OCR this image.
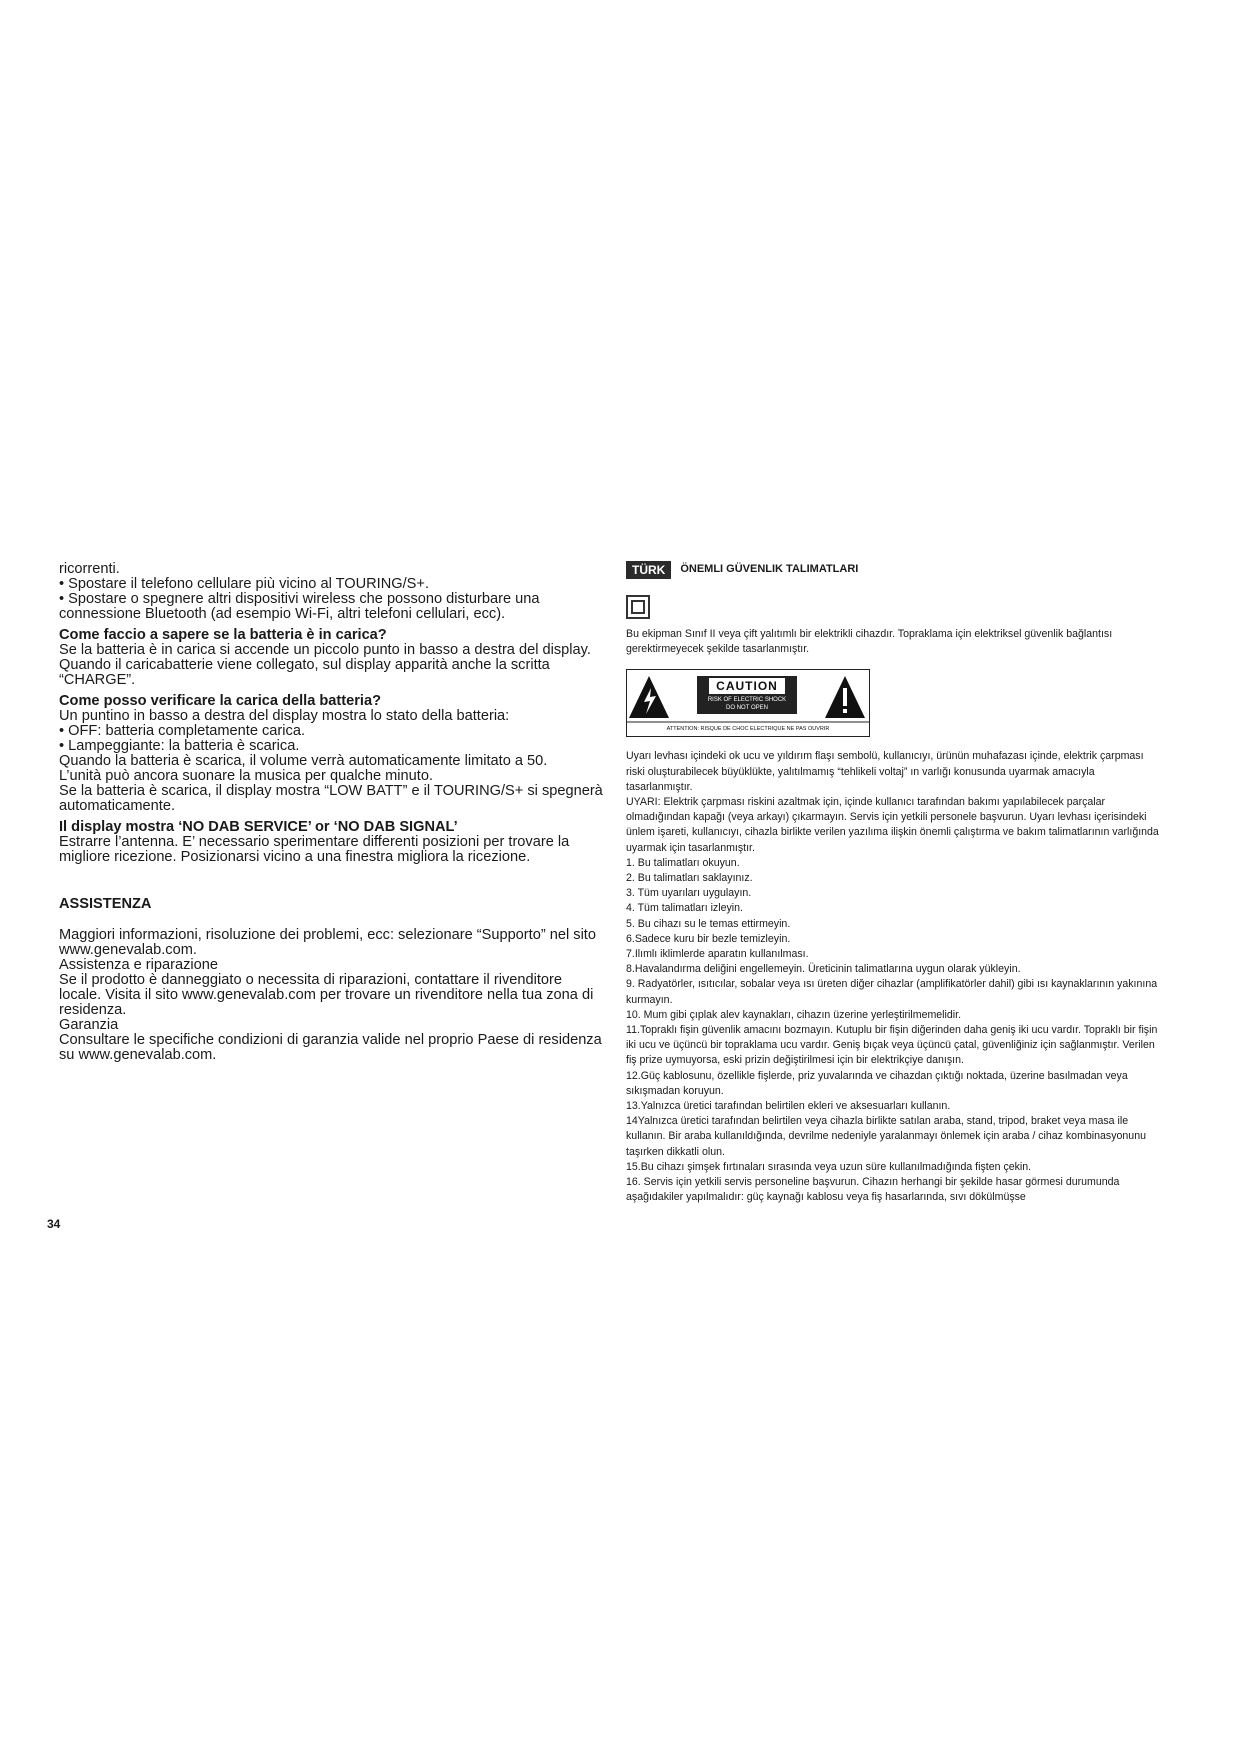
ricorrenti.

• Spostare il telefono cellulare più vicino al TOURING/S+.

• Spostare o spegnere altri dispositivi wireless che possono disturbare una connessione Bluetooth (ad esempio Wi-Fi, altri telefoni cellulari, ecc).

Come faccio a sapere se la batteria è in carica?

Se la batteria è in carica si accende un piccolo punto in basso a destra del display.

Quando il caricabatterie viene collegato, sul display apparità anche la scritta “CHARGE”.

Come posso verificare la carica della batteria?

Un puntino in basso a destra del display mostra lo stato della batteria:

• OFF: batteria completamente carica.

• Lampeggiante: la batteria è scarica.

Quando la batteria è scarica, il volume verrà automaticamente limitato a 50.

L’unità può ancora suonare la musica per qualche minuto.

Se la batteria è scarica, il display mostra “LOW BATT” e il TOURING/S+ si spegnerà automaticamente.

Il display mostra ‘NO DAB SERVICE’ or ‘NO DAB SIGNAL’

Estrarre l’antenna. E’ necessario sperimentare differenti posizioni per trovare la migliore ricezione. Posizionarsi vicino a una finestra migliora la ricezione.

ASSISTENZA

Maggiori informazioni, risoluzione dei problemi, ecc: selezionare “Supporto” nel sito www.genevalab.com.

Assistenza e riparazione

Se il prodotto è danneggiato o necessita di riparazioni, contattare il rivenditore locale. Visita il sito www.genevalab.com per trovare un rivenditore nella tua zona di residenza.

Garanzia

Consultare le specifiche condizioni di garanzia valide nel proprio Paese di residenza su www.genevalab.com.

34
TÜRK	ÖNEMLI GÜVENLIK TALIMATLARI

Bu ekipman Sınıf II veya çift yalıtımlı bir elektrikli cihazdır. Topraklama için elektriksel güvenlik bağlantısı gerektirmeyecek şekilde tasarlanmıştır.

CAUTION
RISK OF ELECTRIC SHOCK
DO NOT OPEN
ATTENTION: RISQUE DE CHOC ELECTRIQUE NE PAS OUVRIR

Uyarı levhası içindeki ok ucu ve yıldırım flaşı sembolü, kullanıcıyı, ürünün muhafazası içinde, elektrik çarpması riski oluşturabilecek büyüklükte, yalıtılmamış “tehlikeli voltaj” ın varlığı konusunda uyarmak amacıyla tasarlanmıştır.

UYARI: Elektrik çarpması riskini azaltmak için, içinde kullanıcı tarafından bakımı yapılabilecek parçalar olmadığından kapağı (veya arkayı) çıkarmayın. Servis için yetkili personele başvurun. Uyarı levhası içerisindeki ünlem işareti, kullanıcıyı, cihazla birlikte verilen yazılıma ilişkin önemli çalıştırma ve bakım talimatlarının varlığında uyarmak için tasarlanmıştır.

1. Bu talimatları okuyun.

2. Bu talimatları saklayınız.

3. Tüm uyarıları uygulayın.

4. Tüm talimatları izleyin.

5. Bu cihazı su le temas ettirmeyin.

6.Sadece kuru bir bezle temizleyin.

7.Ilımlı iklimlerde aparatın kullanılması.

8.Havalandırma deliğini engellemeyin. Üreticinin talimatlarına uygun olarak yükleyin.

9. Radyatörler, ısıtıcılar, sobalar veya ısı üreten diğer cihazlar (amplifikatörler dahil) gibi ısı kaynaklarının yakınına kurmayın.

10. Mum gibi çıplak alev kaynakları, cihazın üzerine yerleştirilmemelidir.

11.Topraklı fişin güvenlik amacını bozmayın. Kutuplu bir fişin diğerinden daha geniş iki ucu vardır. Topraklı bir fişin iki ucu ve üçüncü bir topraklama ucu vardır. Geniş bıçak veya üçüncü çatal, güvenliğiniz için sağlanmıştır. Verilen fiş prize uymuyorsa, eski prizin değiştirilmesi için bir elektrikçiye danışın.

12.Güç kablosunu, özellikle fişlerde, priz yuvalarında ve cihazdan çıktığı noktada, üzerine basılmadan veya sıkışmadan koruyun.

13.Yalnızca üretici tarafından belirtilen ekleri ve aksesuarları kullanın.

14Yalnızca üretici tarafından belirtilen veya cihazla birlikte satılan araba, stand, tripod, braket veya masa ile kullanın. Bir araba kullanıldığında, devrilme nedeniyle yaralanmayı önlemek için araba / cihaz kombinasyonunu taşırken dikkatli olun.

15.Bu cihazı şimşek fırtınaları sırasında veya uzun süre kullanılmadığında fişten çekin.

16. Servis için yetkili servis personeline başvurun. Cihazın herhangi bir şekilde hasar görmesi durumunda aşağıdakiler yapılmalıdır: güç kaynağı kablosu veya fiş hasarlarında, sıvı dökülmüşse
